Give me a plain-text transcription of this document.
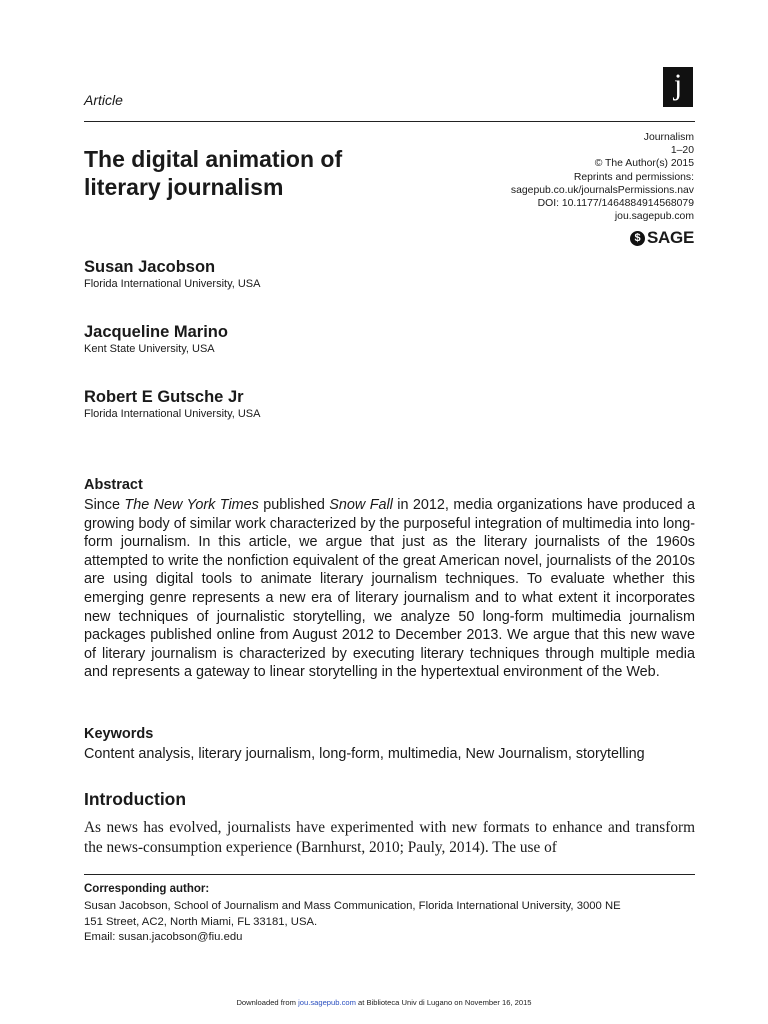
Article	j
The digital animation of
literary journalism
Journalism
1–20
© The Author(s) 2015
Reprints and permissions:
sagepub.co.uk/journalsPermissions.nav
DOI: 10.1177/1464884914568079
jou.sagepub.com
$ SAGE
Susan Jacobson
Florida International University, USA
Jacqueline Marino
Kent State University, USA
Robert E Gutsche Jr
Florida International University, USA
Abstract
Since The New York Times published Snow Fall in 2012, media organizations have produced a growing body of similar work characterized by the purposeful integration of multimedia into long-form journalism. In this article, we argue that just as the literary journalists of the 1960s attempted to write the nonfiction equivalent of the great American novel, journalists of the 2010s are using digital tools to animate literary journalism techniques. To evaluate whether this emerging genre represents a new era of literary journalism and to what extent it incorporates new techniques of journalistic storytelling, we analyze 50 long-form multimedia journalism packages published online from August 2012 to December 2013. We argue that this new wave of literary journalism is characterized by executing literary techniques through multiple media and represents a gateway to linear storytelling in the hypertextual environment of the Web.
Keywords
Content analysis, literary journalism, long-form, multimedia, New Journalism, storytelling
Introduction
As news has evolved, journalists have experimented with new formats to enhance and transform the news-consumption experience (Barnhurst, 2010; Pauly, 2014). The use of
Corresponding author:
Susan Jacobson, School of Journalism and Mass Communication, Florida International University, 3000 NE
151 Street, AC2, North Miami, FL 33181, USA.
Email: susan.jacobson@fiu.edu
Downloaded from jou.sagepub.com at Biblioteca Univ di Lugano on November 16, 2015
